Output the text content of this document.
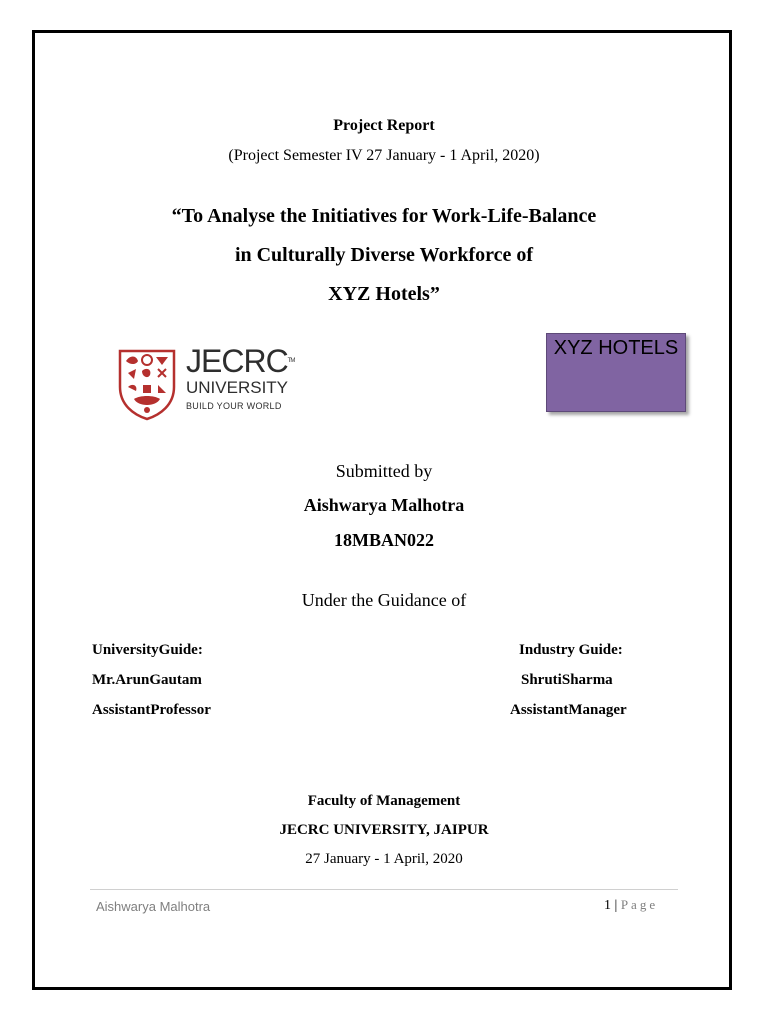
Project Report
(Project Semester IV 27 January - 1 April, 2020)
“To Analyse the Initiatives for Work-Life-Balance
in Culturally Diverse Workforce of
XYZ Hotels”
JECRC™
UNIVERSITY
BUILD YOUR WORLD
XYZ HOTELS
Submitted by
Aishwarya Malhotra
18MBAN022
Under the Guidance of
UniversityGuide:
Mr.ArunGautam
AssistantProfessor
Industry Guide:
ShrutiSharma
AssistantManager
Faculty of Management
JECRC UNIVERSITY, JAIPUR
27 January - 1 April, 2020
Aishwarya Malhotra	1 | Page
